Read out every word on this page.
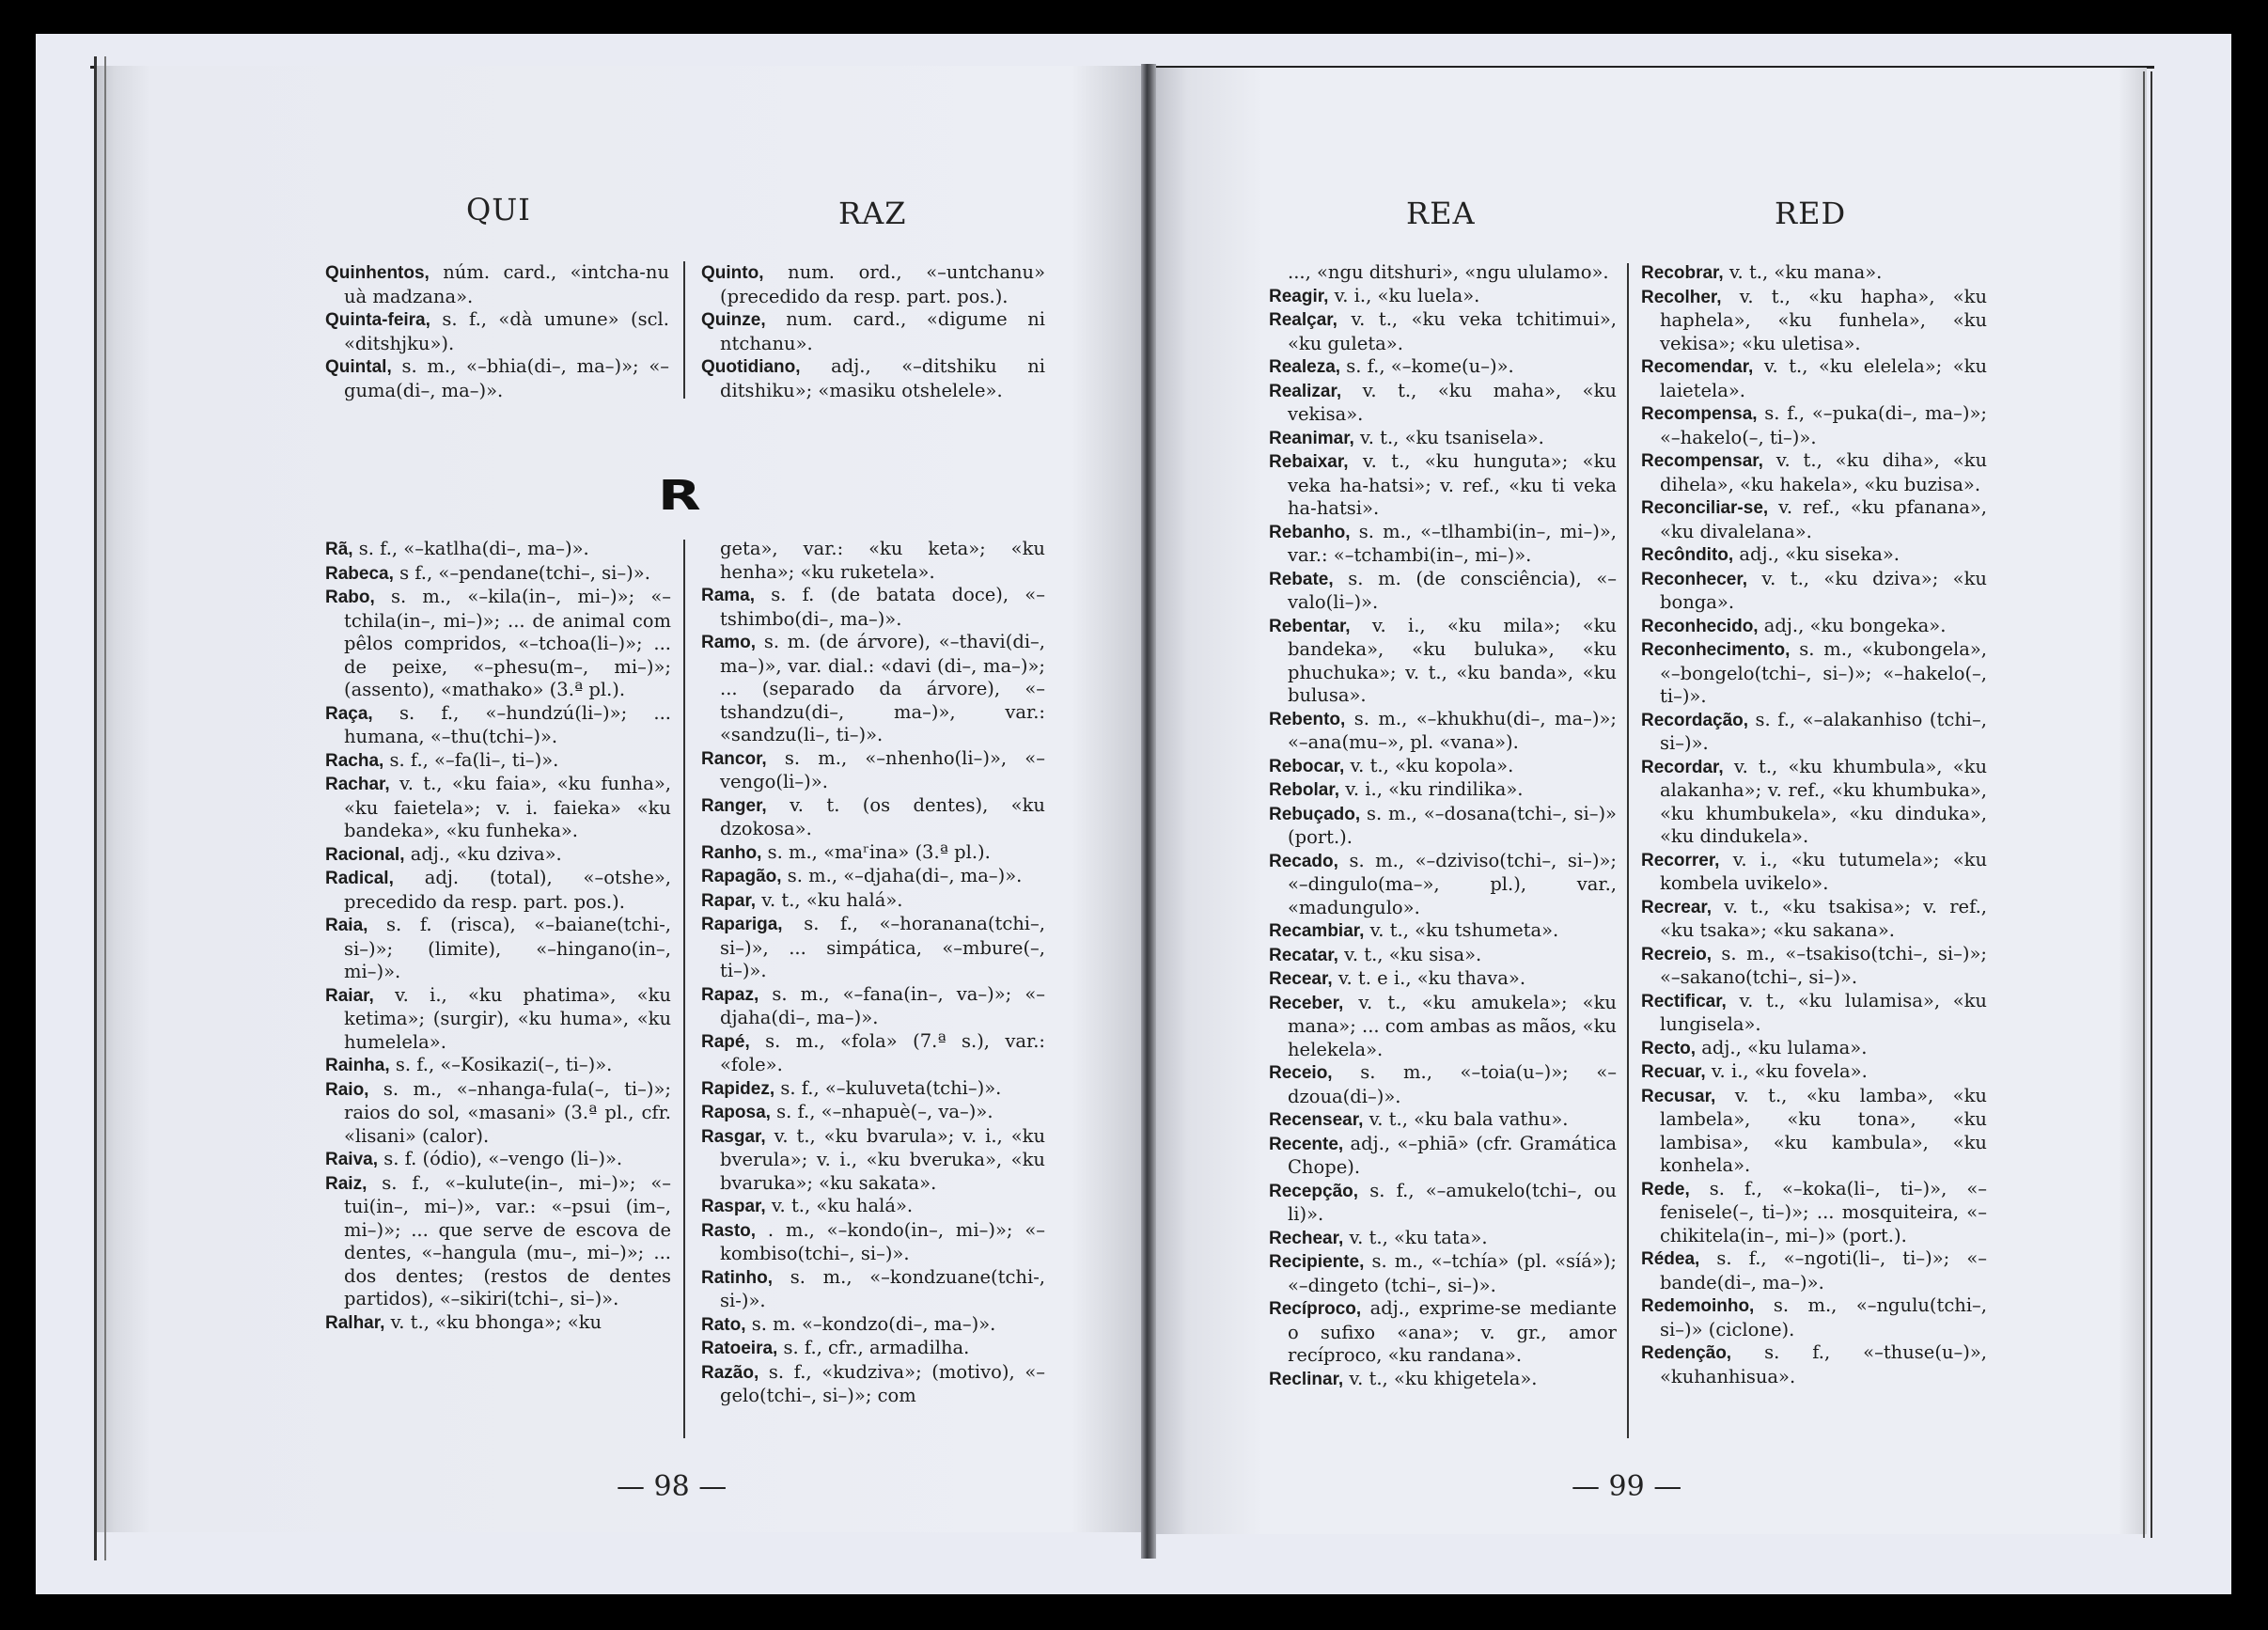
QUI	RAZ
Quinhentos, núm. card., «intcha-nu uà madzana».
Quinta-feira, s. f., «dà umune» (scl. «ditshjku»).
Quintal, s. m., «–bhia(di–, ma–)»; «–guma(di–, ma–)».
Quinto, num. ord., «–untchanu» (precedido da resp. part. pos.).
Quinze, num. card., «digume ni ntchanu».
Quotidiano, adj., «–ditshiku ni ditshiku»; «masiku otshelele».
R
Rã, s. f., «–katlha(di–, ma–)».
Rabeca, s f., «–pendane(tchi–, si–)».
Rabo, s. m., «–kila(in–, mi–)»; «–tchila(in–, mi–)»; ... de animal com pêlos compridos, «–tchoa(li–)»; ... de peixe, «–phesu(m–, mi–)»; (assento), «mathako» (3.ª pl.).
Raça, s. f., «–hundzú(li–)»; ... humana, «–thu(tchi–)».
Racha, s. f., «–fa(li–, ti–)».
Rachar, v. t., «ku faia», «ku funha», «ku faietela»; v. i. faieka» «ku bandeka», «ku funheka».
Racional, adj., «ku dziva».
Radical, adj. (total), «–otshe», precedido da resp. part. pos.).
Raia, s. f. (risca), «–baiane(tchi-, si–)»; (limite), «–hingano(in–, mi–)».
Raiar, v. i., «ku phatima», «ku ketima»; (surgir), «ku huma», «ku humelela».
Rainha, s. f., «–Kosikazi(–, ti–)».
Raio, s. m., «–nhanga-fula(–, ti–)»; raios do sol, «masani» (3.ª pl., cfr. «lisani» (calor).
Raiva, s. f. (ódio), «–vengo (li–)».
Raiz, s. f., «–kulute(in–, mi–)»; «–tui(in–, mi–)», var.: «–psui (im–, mi–)»; ... que serve de escova de dentes, «–hangula (mu–, mi–)»; ... dos dentes; (restos de dentes partidos), «–sikiri(tchi–, si–)».
Ralhar, v. t., «ku bhonga»; «ku
geta», var.: «ku keta»; «ku henha»; «ku ruketela».
Rama, s. f. (de batata doce), «–tshimbo(di–, ma–)».
Ramo, s. m. (de árvore), «–thavi(di–, ma–)», var. dial.: «davi (di–, ma–)»; ... (separado da árvore), «–tshandzu(di–, ma–)», var.: «sandzu(li–, ti–)».
Rancor, s. m., «–nhenho(li–)», «–vengo(li–)».
Ranger, v. t. (os dentes), «ku dzokosa».
Ranho, s. m., «maʳina» (3.ª pl.).
Rapagão, s. m., «–djaha(di–, ma–)».
Rapar, v. t., «ku halá».
Rapariga, s. f., «–horanana(tchi–, si–)», ... simpática, «–mbure(–, ti–)».
Rapaz, s. m., «–fana(in–, va–)»; «–djaha(di–, ma–)».
Rapé, s. m., «fola» (7.ª s.), var.: «fole».
Rapidez, s. f., «–kuluveta(tchi–)».
Raposa, s. f., «–nhapuè(–, va–)».
Rasgar, v. t., «ku bvarula»; v. i., «ku bverula»; v. i., «ku bveruka», «ku bvaruka»; «ku sakata».
Raspar, v. t., «ku halá».
Rasto, . m., «–kondo(in–, mi–)»; «–kombiso(tchi–, si–)».
Ratinho, s. m., «–kondzuane(tchi-, si-)».
Rato, s. m. «–kondzo(di–, ma–)».
Ratoeira, s. f., cfr., armadilha.
Razão, s. f., «kudziva»; (motivo), «–gelo(tchi–, si–)»; com
— 98 —
REA	RED
..., «ngu ditshuri», «ngu ululamo».
Reagir, v. i., «ku luela».
Realçar, v. t., «ku veka tchitimui», «ku guleta».
Realeza, s. f., «–kome(u–)».
Realizar, v. t., «ku maha», «ku vekisa».
Reanimar, v. t., «ku tsanisela».
Rebaixar, v. t., «ku hunguta»; «ku veka ha-hatsi»; v. ref., «ku ti veka ha-hatsi».
Rebanho, s. m., «–tlhambi(in–, mi–)», var.: «–tchambi(in–, mi–)».
Rebate, s. m. (de consciência), «–valo(li–)».
Rebentar, v. i., «ku mila»; «ku bandeka», «ku buluka», «ku phuchuka»; v. t., «ku banda», «ku bulusa».
Rebento, s. m., «–khukhu(di–, ma–)»; «–ana(mu–», pl. «vana»).
Rebocar, v. t., «ku kopola».
Rebolar, v. i., «ku rindilika».
Rebuçado, s. m., «–dosana(tchi–, si–)» (port.).
Recado, s. m., «–dziviso(tchi–, si–)»; «–dingulo(ma–», pl.), var., «madungulo».
Recambiar, v. t., «ku tshumeta».
Recatar, v. t., «ku sisa».
Recear, v. t. e i., «ku thava».
Receber, v. t., «ku amukela»; «ku mana»; ... com ambas as mãos, «ku helekela».
Receio, s. m., «–toia(u–)»; «–dzoua(di–)».
Recensear, v. t., «ku bala vathu».
Recente, adj., «–phiā» (cfr. Gramática Chope).
Recepção, s. f., «–amukelo(tchi–, ou li)».
Rechear, v. t., «ku tata».
Recipiente, s. m., «–tchía» (pl. «síá»); «–dingeto (tchi–, si–)».
Recíproco, adj., exprime-se mediante o sufixo «ana»; v. gr., amor recíproco, «ku randana».
Reclinar, v. t., «ku khigetela».
Recobrar, v. t., «ku mana».
Recolher, v. t., «ku hapha», «ku haphela», «ku funhela», «ku vekisa»; «ku uletisa».
Recomendar, v. t., «ku elelela»; «ku laietela».
Recompensa, s. f., «–puka(di–, ma–)»; «–hakelo(–, ti–)».
Recompensar, v. t., «ku diha», «ku dihela», «ku hakela», «ku buzisa».
Reconciliar-se, v. ref., «ku pfanana», «ku divalelana».
Recôndito, adj., «ku siseka».
Reconhecer, v. t., «ku dziva»; «ku bonga».
Reconhecido, adj., «ku bongeka».
Reconhecimento, s. m., «kubongela», «–bongelo(tchi–, si–)»; «–hakelo(–, ti–)».
Recordação, s. f., «–alakanhiso (tchi–, si–)».
Recordar, v. t., «ku khumbula», «ku alakanha»; v. ref., «ku khumbuka», «ku khumbukela», «ku dinduka», «ku dindukela».
Recorrer, v. i., «ku tutumela»; «ku kombela uvikelo».
Recrear, v. t., «ku tsakisa»; v. ref., «ku tsaka»; «ku sakana».
Recreio, s. m., «–tsakiso(tchi–, si–)»; «–sakano(tchi–, si–)».
Rectificar, v. t., «ku lulamisa», «ku lungisela».
Recto, adj., «ku lulama».
Recuar, v. i., «ku fovela».
Recusar, v. t., «ku lamba», «ku lambela», «ku tona», «ku lambisa», «ku kambula», «ku konhela».
Rede, s. f., «–koka(li–, ti–)», «–fenisele(–, ti–)»; ... mosquiteira, «–chikitela(in–, mi–)» (port.).
Rédea, s. f., «–ngoti(li–, ti–)»; «–bande(di–, ma–)».
Redemoinho, s. m., «–ngulu(tchi–, si–)» (ciclone).
Redenção, s. f., «–thuse(u–)», «kuhanhisua».
— 99 —
